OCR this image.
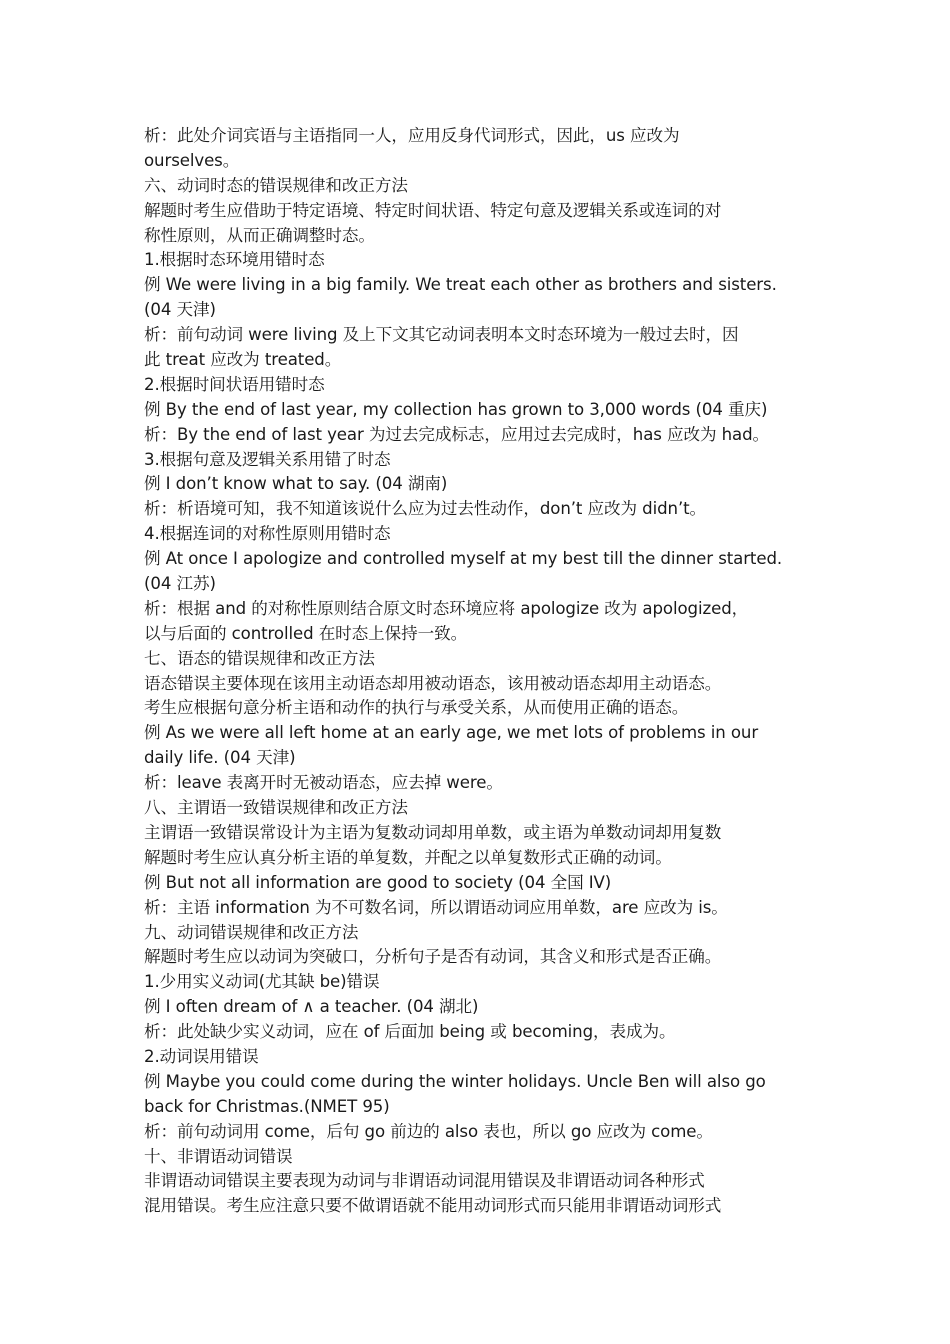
析：此处介词宾语与主语指同一人，应用反身代词形式，因此，us 应改为
ourselves。
六、动词时态的错误规律和改正方法
解题时考生应借助于特定语境、特定时间状语、特定句意及逻辑关系或连词的对
称性原则，从而正确调整时态。
1.根据时态环境用错时态
例 We were living in a big family. We treat each other as brothers and sisters.
(04 天津)
析：前句动词 were living 及上下文其它动词表明本文时态环境为一般过去时，因
此 treat 应改为 treated。
2.根据时间状语用错时态
例 By the end of last year, my collection has grown to 3,000 words (04 重庆)
析：By the end of last year 为过去完成标志，应用过去完成时，has 应改为 had。
3.根据句意及逻辑关系用错了时态
例 I don’t know what to say. (04 湖南)
析：析语境可知，我不知道该说什么应为过去性动作，don’t 应改为 didn’t。
4.根据连词的对称性原则用错时态
例 At once I apologize and controlled myself at my best till the dinner started.
(04 江苏)
析：根据 and 的对称性原则结合原文时态环境应将 apologize 改为 apologized，
以与后面的 controlled 在时态上保持一致。
七、语态的错误规律和改正方法
语态错误主要体现在该用主动语态却用被动语态，该用被动语态却用主动语态。
考生应根据句意分析主语和动作的执行与承受关系，从而使用正确的语态。
例 As we were all left home at an early age, we met lots of problems in our
daily life. (04 天津)
析：leave 表离开时无被动语态，应去掉 were。
八、主谓语一致错误规律和改正方法
主谓语一致错误常设计为主语为复数动词却用单数，或主语为单数动词却用复数
解题时考生应认真分析主语的单复数，并配之以单复数形式正确的动词。
例 But not all information are good to society (04 全国 IV)
析：主语 information 为不可数名词，所以谓语动词应用单数，are 应改为 is。
九、动词错误规律和改正方法
解题时考生应以动词为突破口，分析句子是否有动词，其含义和形式是否正确。
1.少用实义动词(尤其缺 be)错误
例 I often dream of ∧ a teacher. (04 湖北)
析：此处缺少实义动词，应在 of 后面加 being 或 becoming，表成为。
2.动词误用错误
例 Maybe you could come during the winter holidays. Uncle Ben will also go
back for Christmas.(NMET 95)
析：前句动词用 come，后句 go 前边的 also 表也，所以 go 应改为 come。
十、非谓语动词错误
非谓语动词错误主要表现为动词与非谓语动词混用错误及非谓语动词各种形式
混用错误。考生应注意只要不做谓语就不能用动词形式而只能用非谓语动词形式
